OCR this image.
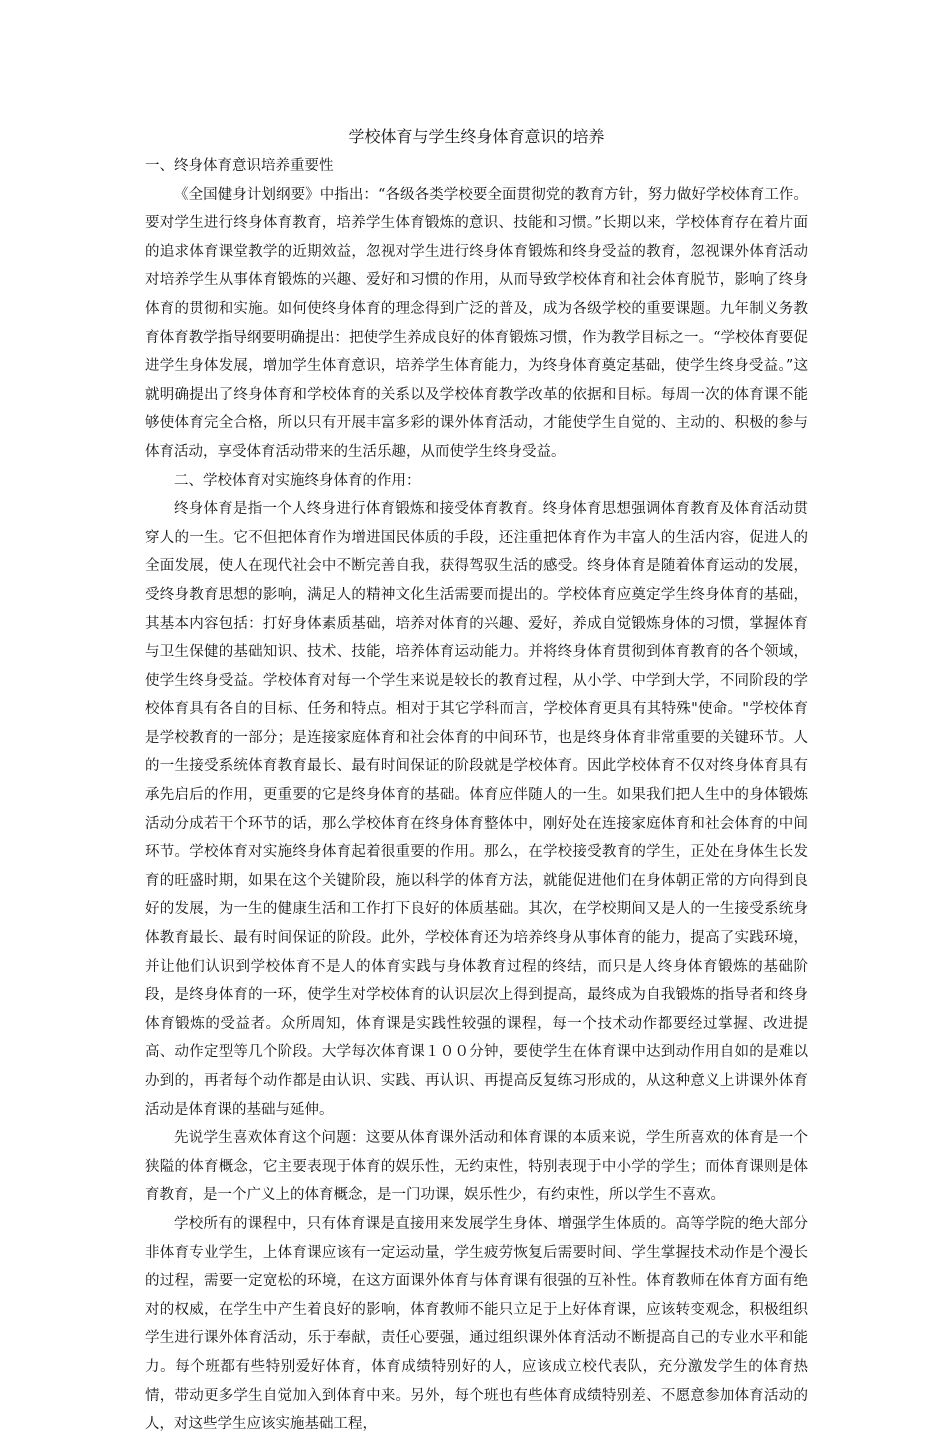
学校体育与学生终身体育意识的培养

一、终身体育意识培养重要性

《全国健身计划纲要》中指出：“各级各类学校要全面贯彻党的教育方针，努力做好学校体育工作。要对学生进行终身体育教育，培养学生体育锻炼的意识、技能和习惯。”长期以来，学校体育存在着片面的追求体育课堂教学的近期效益，忽视对学生进行终身体育锻炼和终身受益的教育，忽视课外体育活动对培养学生从事体育锻炼的兴趣、爱好和习惯的作用，从而导致学校体育和社会体育脱节，影响了终身体育的贯彻和实施。如何使终身体育的理念得到广泛的普及，成为各级学校的重要课题。九年制义务教育体育教学指导纲要明确提出：把使学生养成良好的体育锻炼习惯，作为教学目标之一。“学校体育要促进学生身体发展，增加学生体育意识，培养学生体育能力，为终身体育奠定基础，使学生终身受益。”这就明确提出了终身体育和学校体育的关系以及学校体育教学改革的依据和目标。每周一次的体育课不能够使体育完全合格，所以只有开展丰富多彩的课外体育活动，才能使学生自觉的、主动的、积极的参与体育活动，享受体育活动带来的生活乐趣，从而使学生终身受益。

二、学校体育对实施终身体育的作用：

终身体育是指一个人终身进行体育锻炼和接受体育教育。终身体育思想强调体育教育及体育活动贯穿人的一生。它不但把体育作为增进国民体质的手段，还注重把体育作为丰富人的生活内容，促进人的全面发展，使人在现代社会中不断完善自我，获得驾驭生活的感受。终身体育是随着体育运动的发展，受终身教育思想的影响，满足人的精神文化生活需要而提出的。学校体育应奠定学生终身体育的基础，其基本内容包括：打好身体素质基础，培养对体育的兴趣、爱好，养成自觉锻炼身体的习惯，掌握体育与卫生保健的基础知识、技术、技能，培养体育运动能力。并将终身体育贯彻到体育教育的各个领域，使学生终身受益。学校体育对每一个学生来说是较长的教育过程，从小学、中学到大学，不同阶段的学校体育具有各自的目标、任务和特点。相对于其它学科而言，学校体育更具有其特殊"使命。"学校体育是学校教育的一部分；是连接家庭体育和社会体育的中间环节，也是终身体育非常重要的关键环节。人的一生接受系统体育教育最长、最有时间保证的阶段就是学校体育。因此学校体育不仅对终身体育具有承先启后的作用，更重要的它是终身体育的基础。体育应伴随人的一生。如果我们把人生中的身体锻炼活动分成若干个环节的话，那么学校体育在终身体育整体中，刚好处在连接家庭体育和社会体育的中间环节。学校体育对实施终身体育起着很重要的作用。那么，在学校接受教育的学生，正处在身体生长发育的旺盛时期，如果在这个关键阶段，施以科学的体育方法，就能促进他们在身体朝正常的方向得到良好的发展，为一生的健康生活和工作打下良好的体质基础。其次，在学校期间又是人的一生接受系统身体教育最长、最有时间保证的阶段。此外，学校体育还为培养终身从事体育的能力，提高了实践环境，并让他们认识到学校体育不是人的体育实践与身体教育过程的终结，而只是人终身体育锻炼的基础阶段，是终身体育的一环，使学生对学校体育的认识层次上得到提高，最终成为自我锻炼的指导者和终身体育锻炼的受益者。众所周知，体育课是实践性较强的课程，每一个技术动作都要经过掌握、改进提高、动作定型等几个阶段。大学每次体育课１００分钟，要使学生在体育课中达到动作用自如的是难以办到的，再者每个动作都是由认识、实践、再认识、再提高反复练习形成的，从这种意义上讲课外体育活动是体育课的基础与延伸。

先说学生喜欢体育这个问题：这要从体育课外活动和体育课的本质来说，学生所喜欢的体育是一个狭隘的体育概念，它主要表现于体育的娱乐性，无约束性，特别表现于中小学的学生；而体育课则是体育教育，是一个广义上的体育概念，是一门功课，娱乐性少，有约束性，所以学生不喜欢。

学校所有的课程中，只有体育课是直接用来发展学生身体、增强学生体质的。高等学院的绝大部分非体育专业学生，上体育课应该有一定运动量，学生疲劳恢复后需要时间、学生掌握技术动作是个漫长的过程，需要一定宽松的环境，在这方面课外体育与体育课有很强的互补性。体育教师在体育方面有绝对的权威，在学生中产生着良好的影响，体育教师不能只立足于上好体育课，应该转变观念，积极组织学生进行课外体育活动，乐于奉献，责任心要强，通过组织课外体育活动不断提高自己的专业水平和能力。每个班都有些特别爱好体育，体育成绩特别好的人，应该成立校代表队，充分激发学生的体育热情，带动更多学生自觉加入到体育中来。另外，每个班也有些体育成绩特别差、不愿意参加体育活动的人，对这些学生应该实施基础工程，
